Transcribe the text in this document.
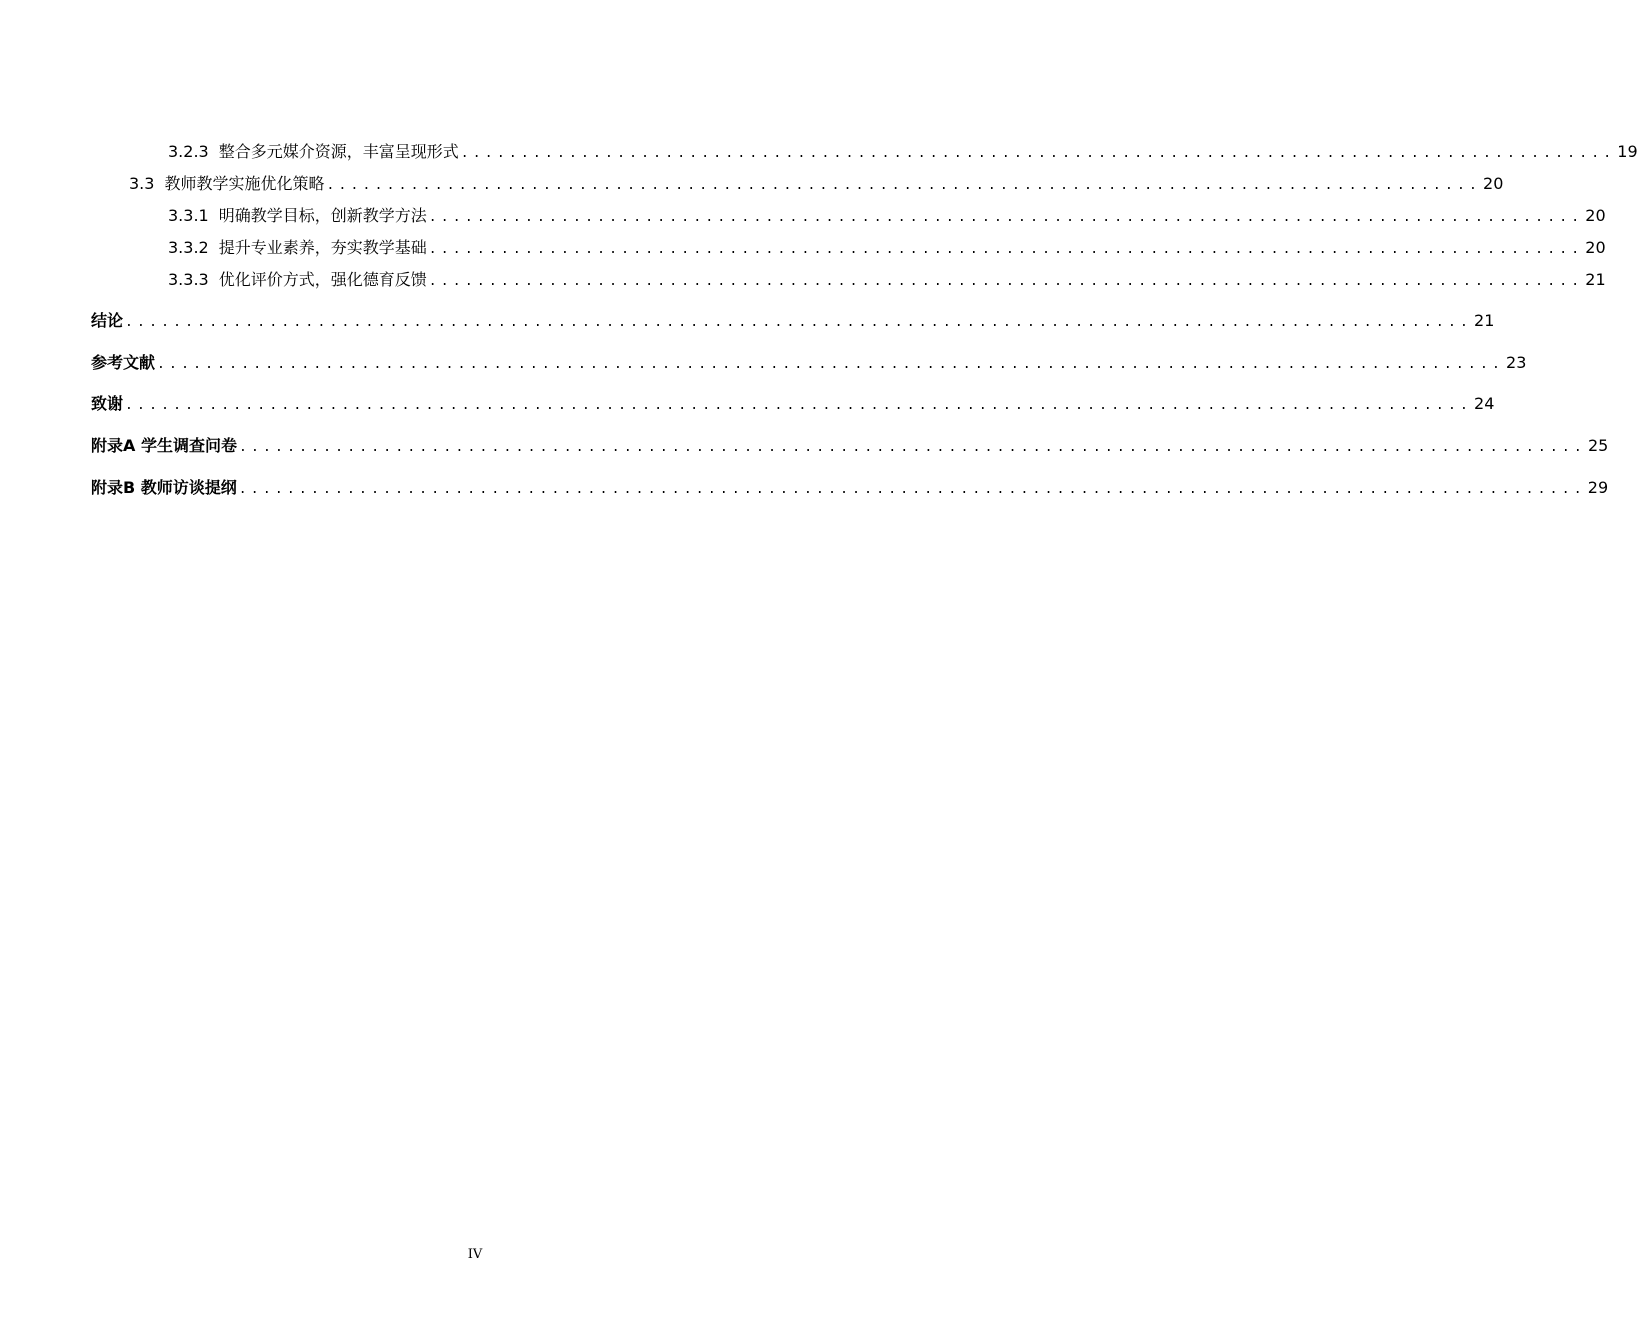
3.2.3 整合多元媒介资源，丰富呈现形式 ................................................................................................ 19
3.3 教师教学实施优化策略 ................................................................................................ 20
3.3.1 明确教学目标，创新教学方法 ................................................................................................ 20
3.3.2 提升专业素养，夯实教学基础 ................................................................................................ 20
3.3.3 优化评价方式，强化德育反馈 ................................................................................................ 21
结论 ................................................................................................................ 21
参考文献 ................................................................................................................ 23
致谢 ................................................................................................................ 24
附录A 学生调查问卷 ................................................................................................................ 25
附录B 教师访谈提纲 ................................................................................................................ 29
IV
